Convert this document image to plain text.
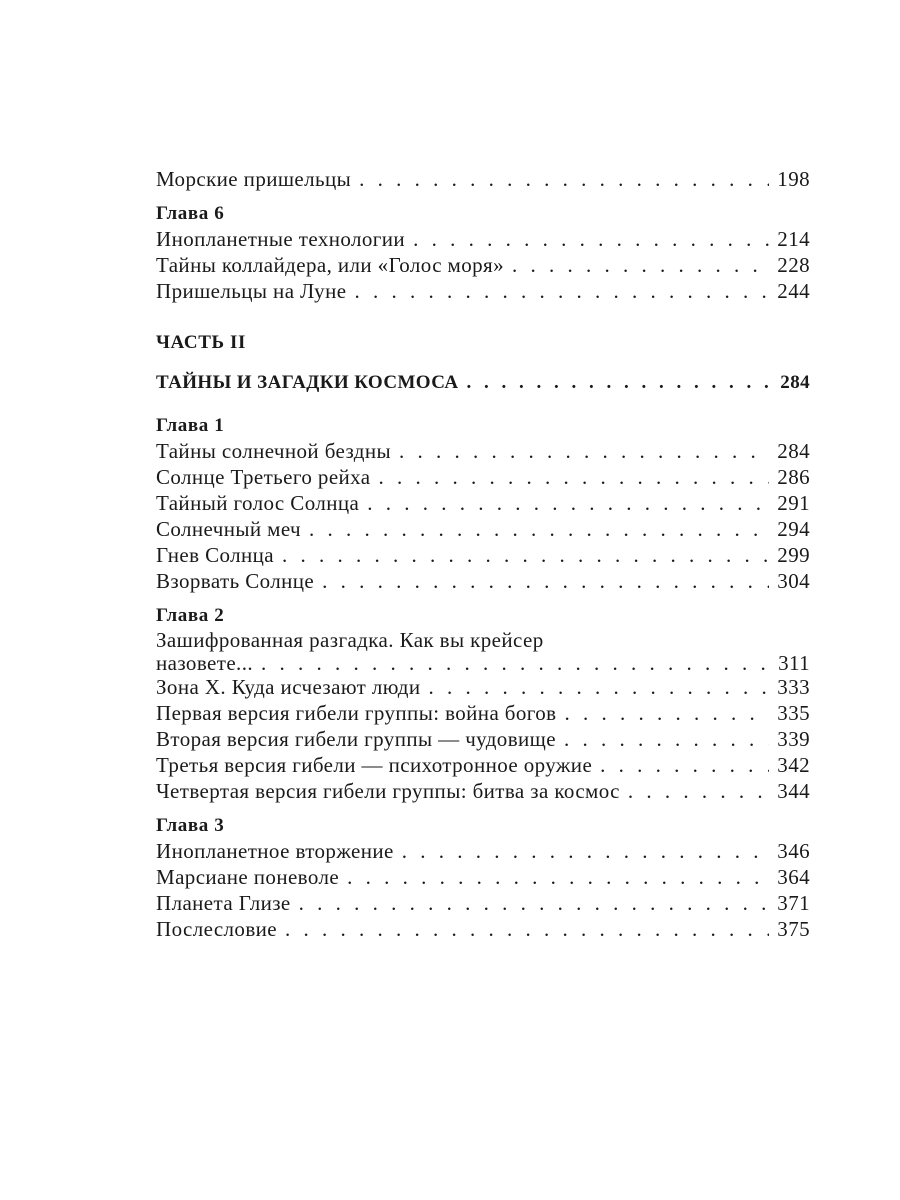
Морские пришельцы . . .	198
Глава 6
Инопланетные технологии . . .	214
Тайны коллайдера, или «Голос моря» . . .	228
Пришельцы на Луне . . .	244
ЧАСТЬ II
ТАЙНЫ И ЗАГАДКИ КОСМОСА . . .	284
Глава 1
Тайны солнечной бездны . . .	284
Солнце Третьего рейха . . .	286
Тайный голос Солнца . . .	291
Солнечный меч . . .	294
Гнев Солнца . . .	299
Взорвать Солнце . . .	304
Глава 2
Зашифрованная разгадка. Как вы крейсер
назовете... . . .	311
Зона Х. Куда исчезают люди . . .	333
Первая версия гибели группы: война богов . . .	335
Вторая версия гибели группы — чудовище . . .	339
Третья версия гибели — психотронное оружие . . .	342
Четвертая версия гибели группы: битва за космос . . .	344
Глава 3
Инопланетное вторжение . . .	346
Марсиане поневоле . . .	364
Планета Глизе . . .	371
Послесловие . . .	375
